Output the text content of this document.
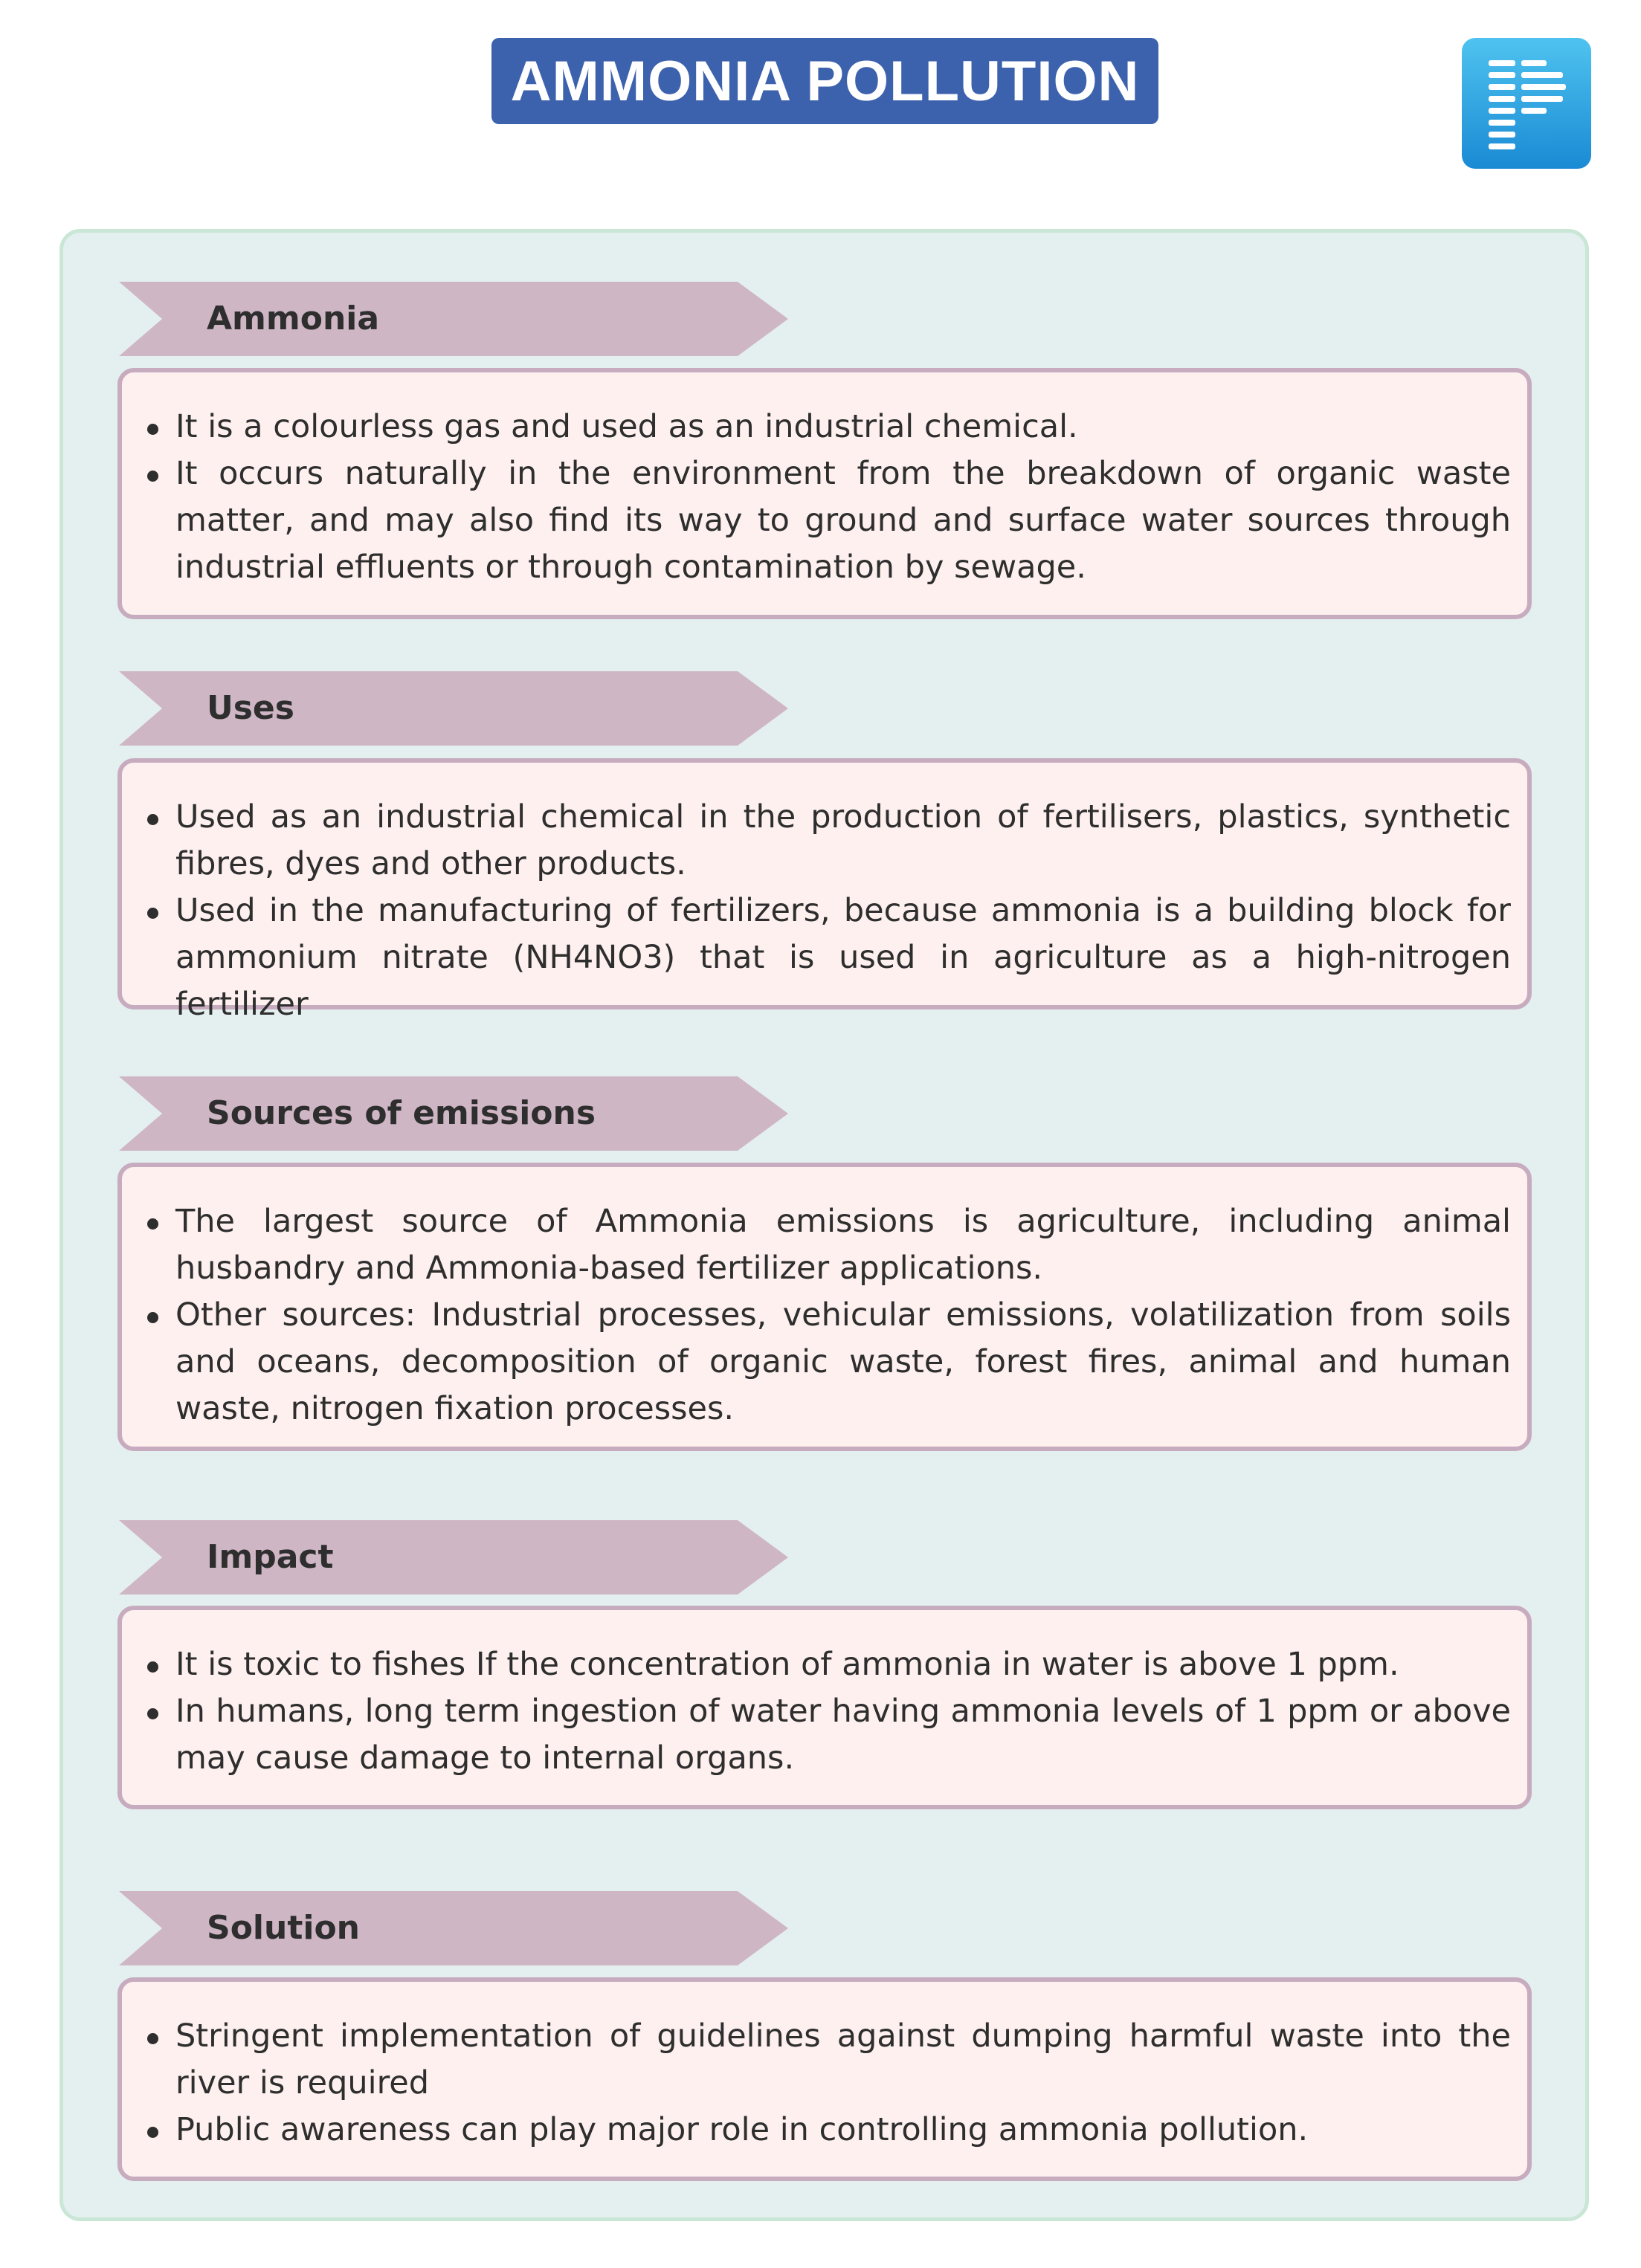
AMMONIA POLLUTION
Ammonia
It is a colourless gas and used as an industrial chemical.
It occurs naturally in the environment from the breakdown of organic waste matter, and may also find its way to ground and surface water sources through industrial effluents or through contamination by sewage.
Uses
Used as an industrial chemical in the production of fertilisers, plastics, synthetic fibres, dyes and other products.
Used in the manufacturing of fertilizers, because ammonia is a building block for ammonium nitrate (NH4NO3) that is used in agriculture as a high-nitrogen fertilizer
Sources of emissions
The largest source of Ammonia emissions is agriculture, including animal husbandry and Ammonia-based fertilizer applications.
Other sources: Industrial processes, vehicular emissions, volatilization from soils and oceans, decomposition of organic waste, forest fires, animal and human waste, nitrogen fixation processes.
Impact
It is toxic to fishes If the concentration of ammonia in water is above 1 ppm.
In humans, long term ingestion of water having ammonia levels of 1 ppm or above may cause damage to internal organs.
Solution
Stringent implementation of guidelines against dumping harmful waste into the river is required
Public awareness can play major role in controlling ammonia pollution.
